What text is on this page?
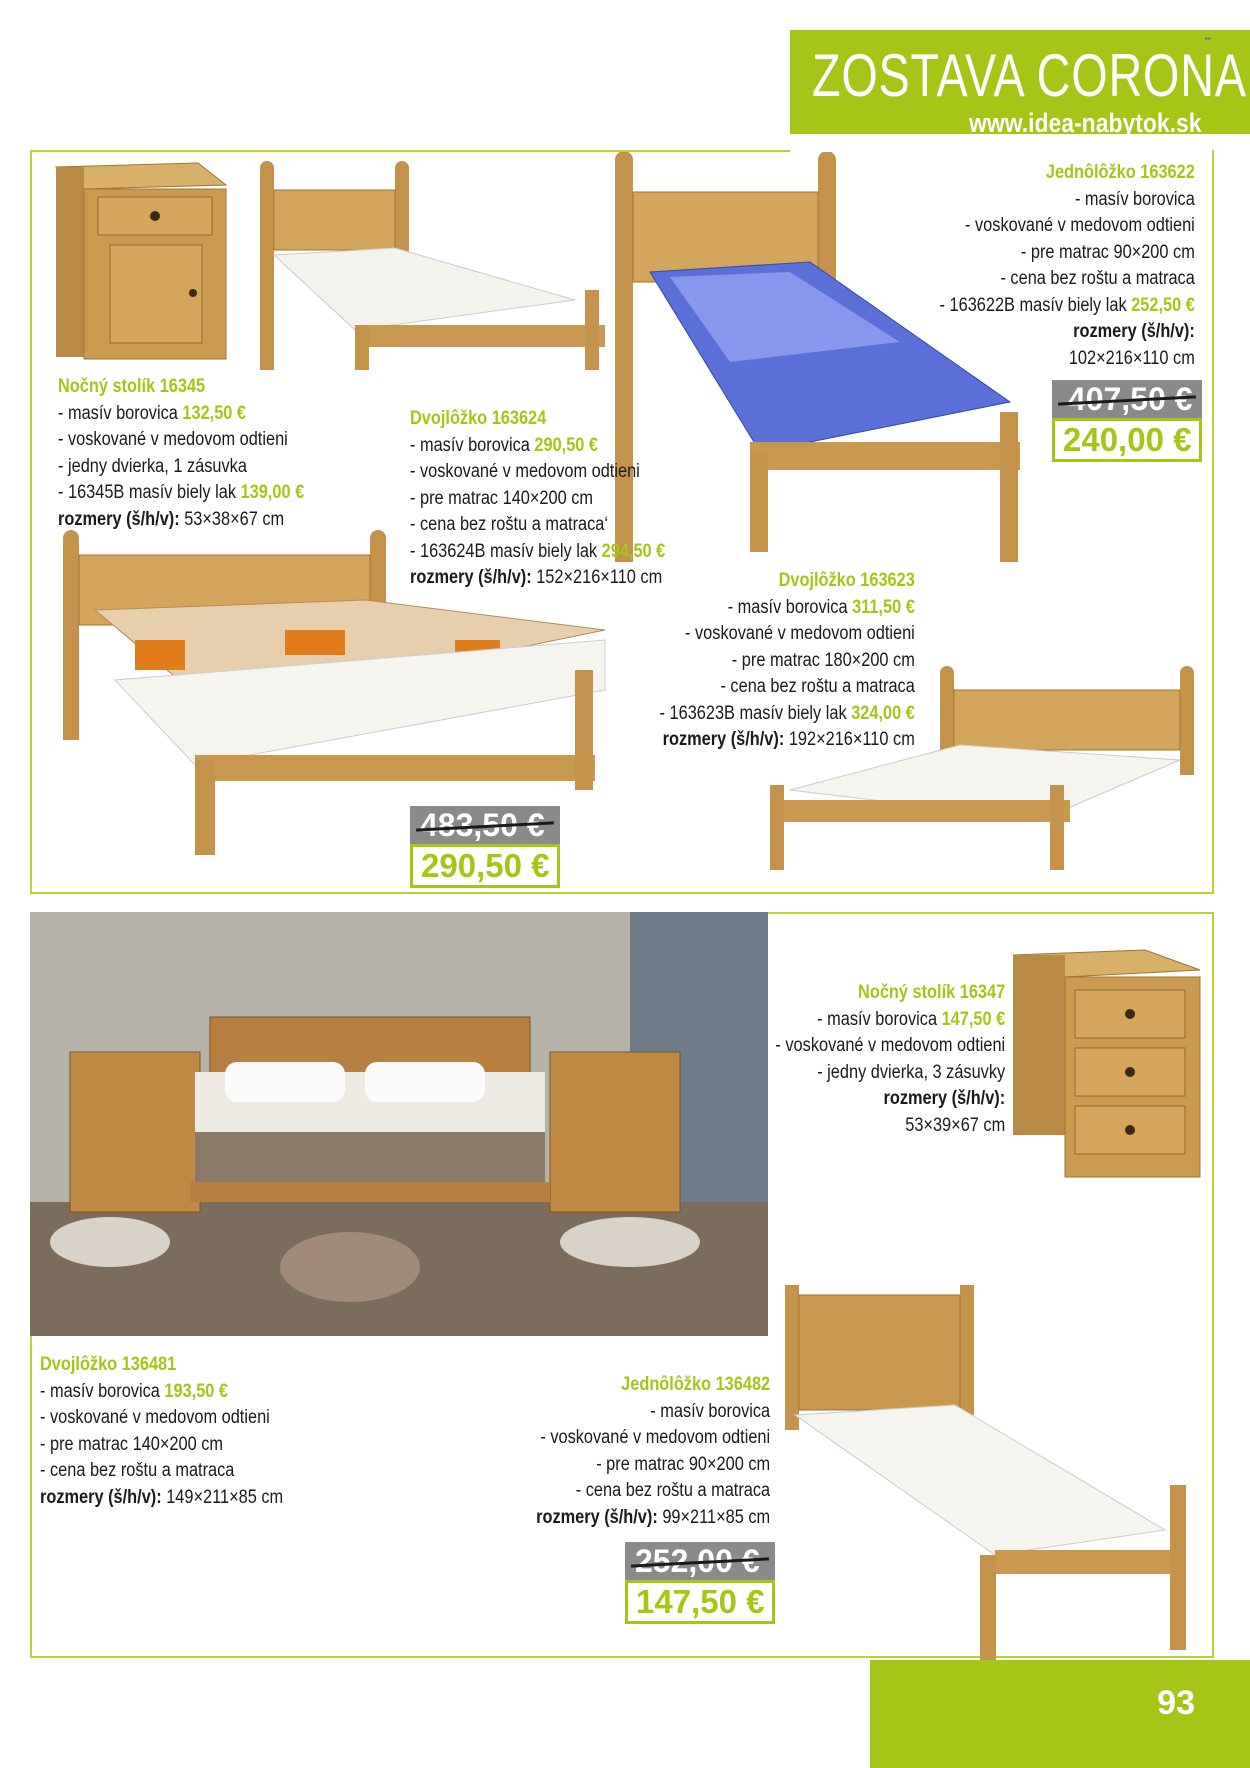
ZOSTAVA CORONA
www.idea-nabytok.sk
▪▪
Nočný stolík 16345
- masív borovica 132,50 €
- voskované v medovom odtieni
- jedny dvierka, 1 zásuvka
- 16345B masív biely lak 139,00 €
rozmery (š/h/v): 53×38×67 cm
Dvojlôžko 163624
- masív borovica 290,50 €
- voskované v medovom odtieni
- pre matrac 140×200 cm
- cena bez roštu a matraca‘
- 163624B masív biely lak 294,50 €
rozmery (š/h/v): 152×216×110 cm
483,50 €
290,50 €
Jednôlôžko 163622
- masív borovica
- voskované v medovom odtieni
- pre matrac 90×200 cm
- cena bez roštu a matraca
- 163622B masív biely lak 252,50 €
rozmery (š/h/v):
102×216×110 cm
407,50 €
240,00 €
Dvojlôžko 163623
- masív borovica 311,50 €
- voskované v medovom odtieni
- pre matrac 180×200 cm
- cena bez roštu a matraca
- 163623B masív biely lak 324,00 €
rozmery (š/h/v): 192×216×110 cm
Nočný stolík 16347
- masív borovica 147,50 €
- voskované v medovom odtieni
- jedny dvierka, 3 zásuvky
rozmery (š/h/v):
53×39×67 cm
Dvojlôžko 136481
- masív borovica 193,50 €
- voskované v medovom odtieni
- pre matrac 140×200 cm
- cena bez roštu a matraca
rozmery (š/h/v): 149×211×85 cm
Jednôlôžko 136482
- masív borovica
- voskované v medovom odtieni
- pre matrac 90×200 cm
- cena bez roštu a matraca
rozmery (š/h/v): 99×211×85 cm
252,00 €
147,50 €
93
